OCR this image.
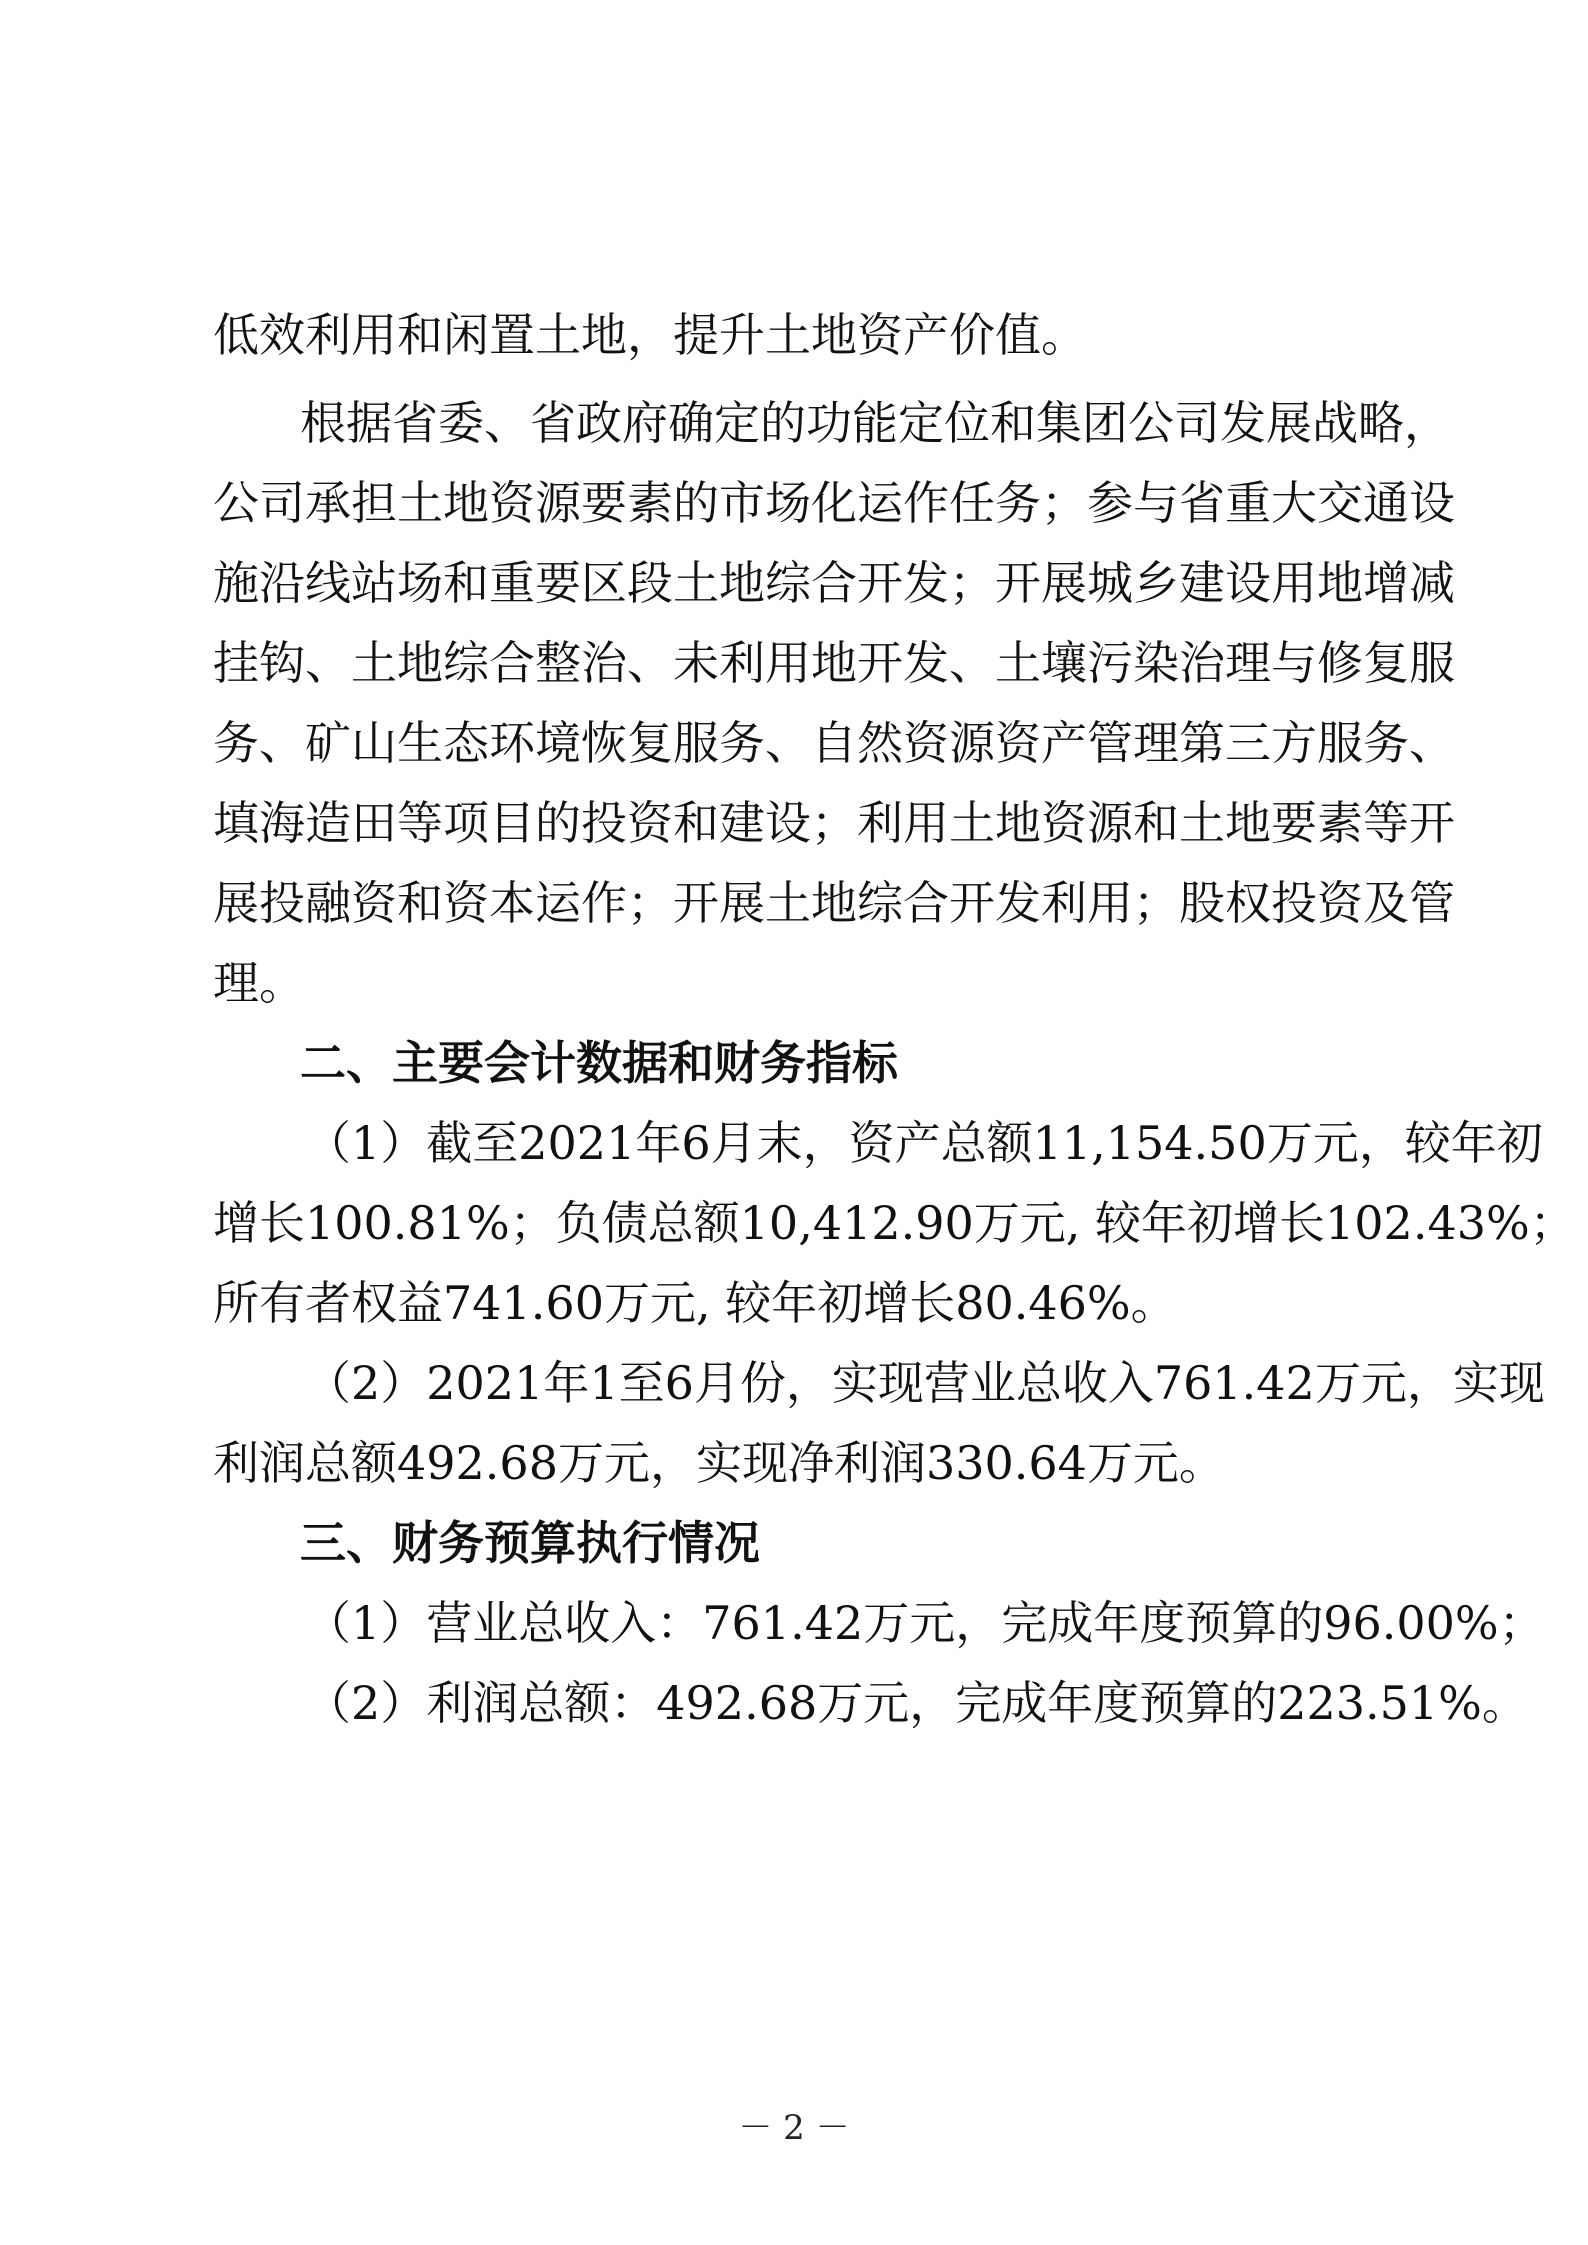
低效利用和闲置土地，提升土地资产价值。
根据省委、省政府确定的功能定位和集团公司发展战略，
公司承担土地资源要素的市场化运作任务；参与省重大交通设
施沿线站场和重要区段土地综合开发；开展城乡建设用地增减
挂钩、土地综合整治、未利用地开发、土壤污染治理与修复服
务、矿山生态环境恢复服务、自然资源资产管理第三方服务、
填海造田等项目的投资和建设；利用土地资源和土地要素等开
展投融资和资本运作；开展土地综合开发利用；股权投资及管
理。
二、主要会计数据和财务指标
（1）截至2021年6月末，资产总额11,154.50万元，较年初
增长100.81%；负债总额10,412.90万元, 较年初增长102.43%；
所有者权益741.60万元, 较年初增长80.46%。
（2）2021年1至6月份，实现营业总收入761.42万元，实现
利润总额492.68万元，实现净利润330.64万元。
三、财务预算执行情况
（1）营业总收入：761.42万元，完成年度预算的96.00%；
（2）利润总额：492.68万元，完成年度预算的223.51%。
－ 2 －
